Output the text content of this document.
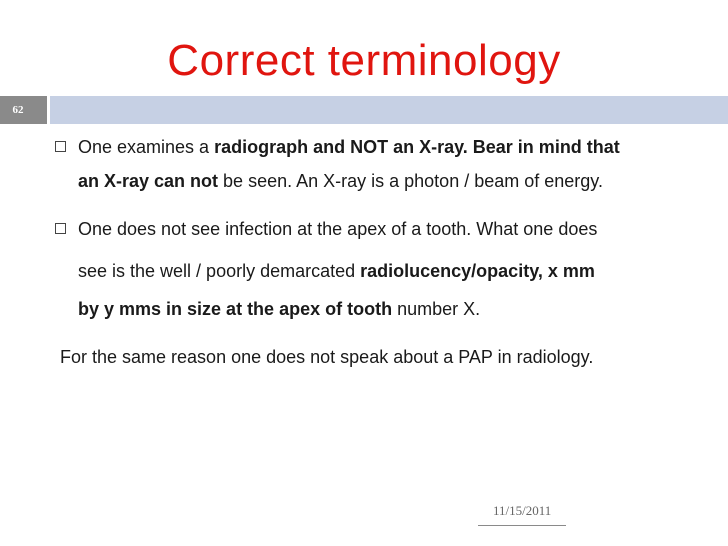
Correct terminology
62
One examines a radiograph and NOT an X-ray. Bear in mind that
an X-ray can not be seen. An X-ray is a photon / beam of energy.
One does not see infection at the apex of a tooth. What one does
see is the well / poorly demarcated radiolucency/opacity, x mm
by y mms in size at the apex of tooth number X.
For the same reason one does not speak about a PAP in radiology.
11/15/2011
